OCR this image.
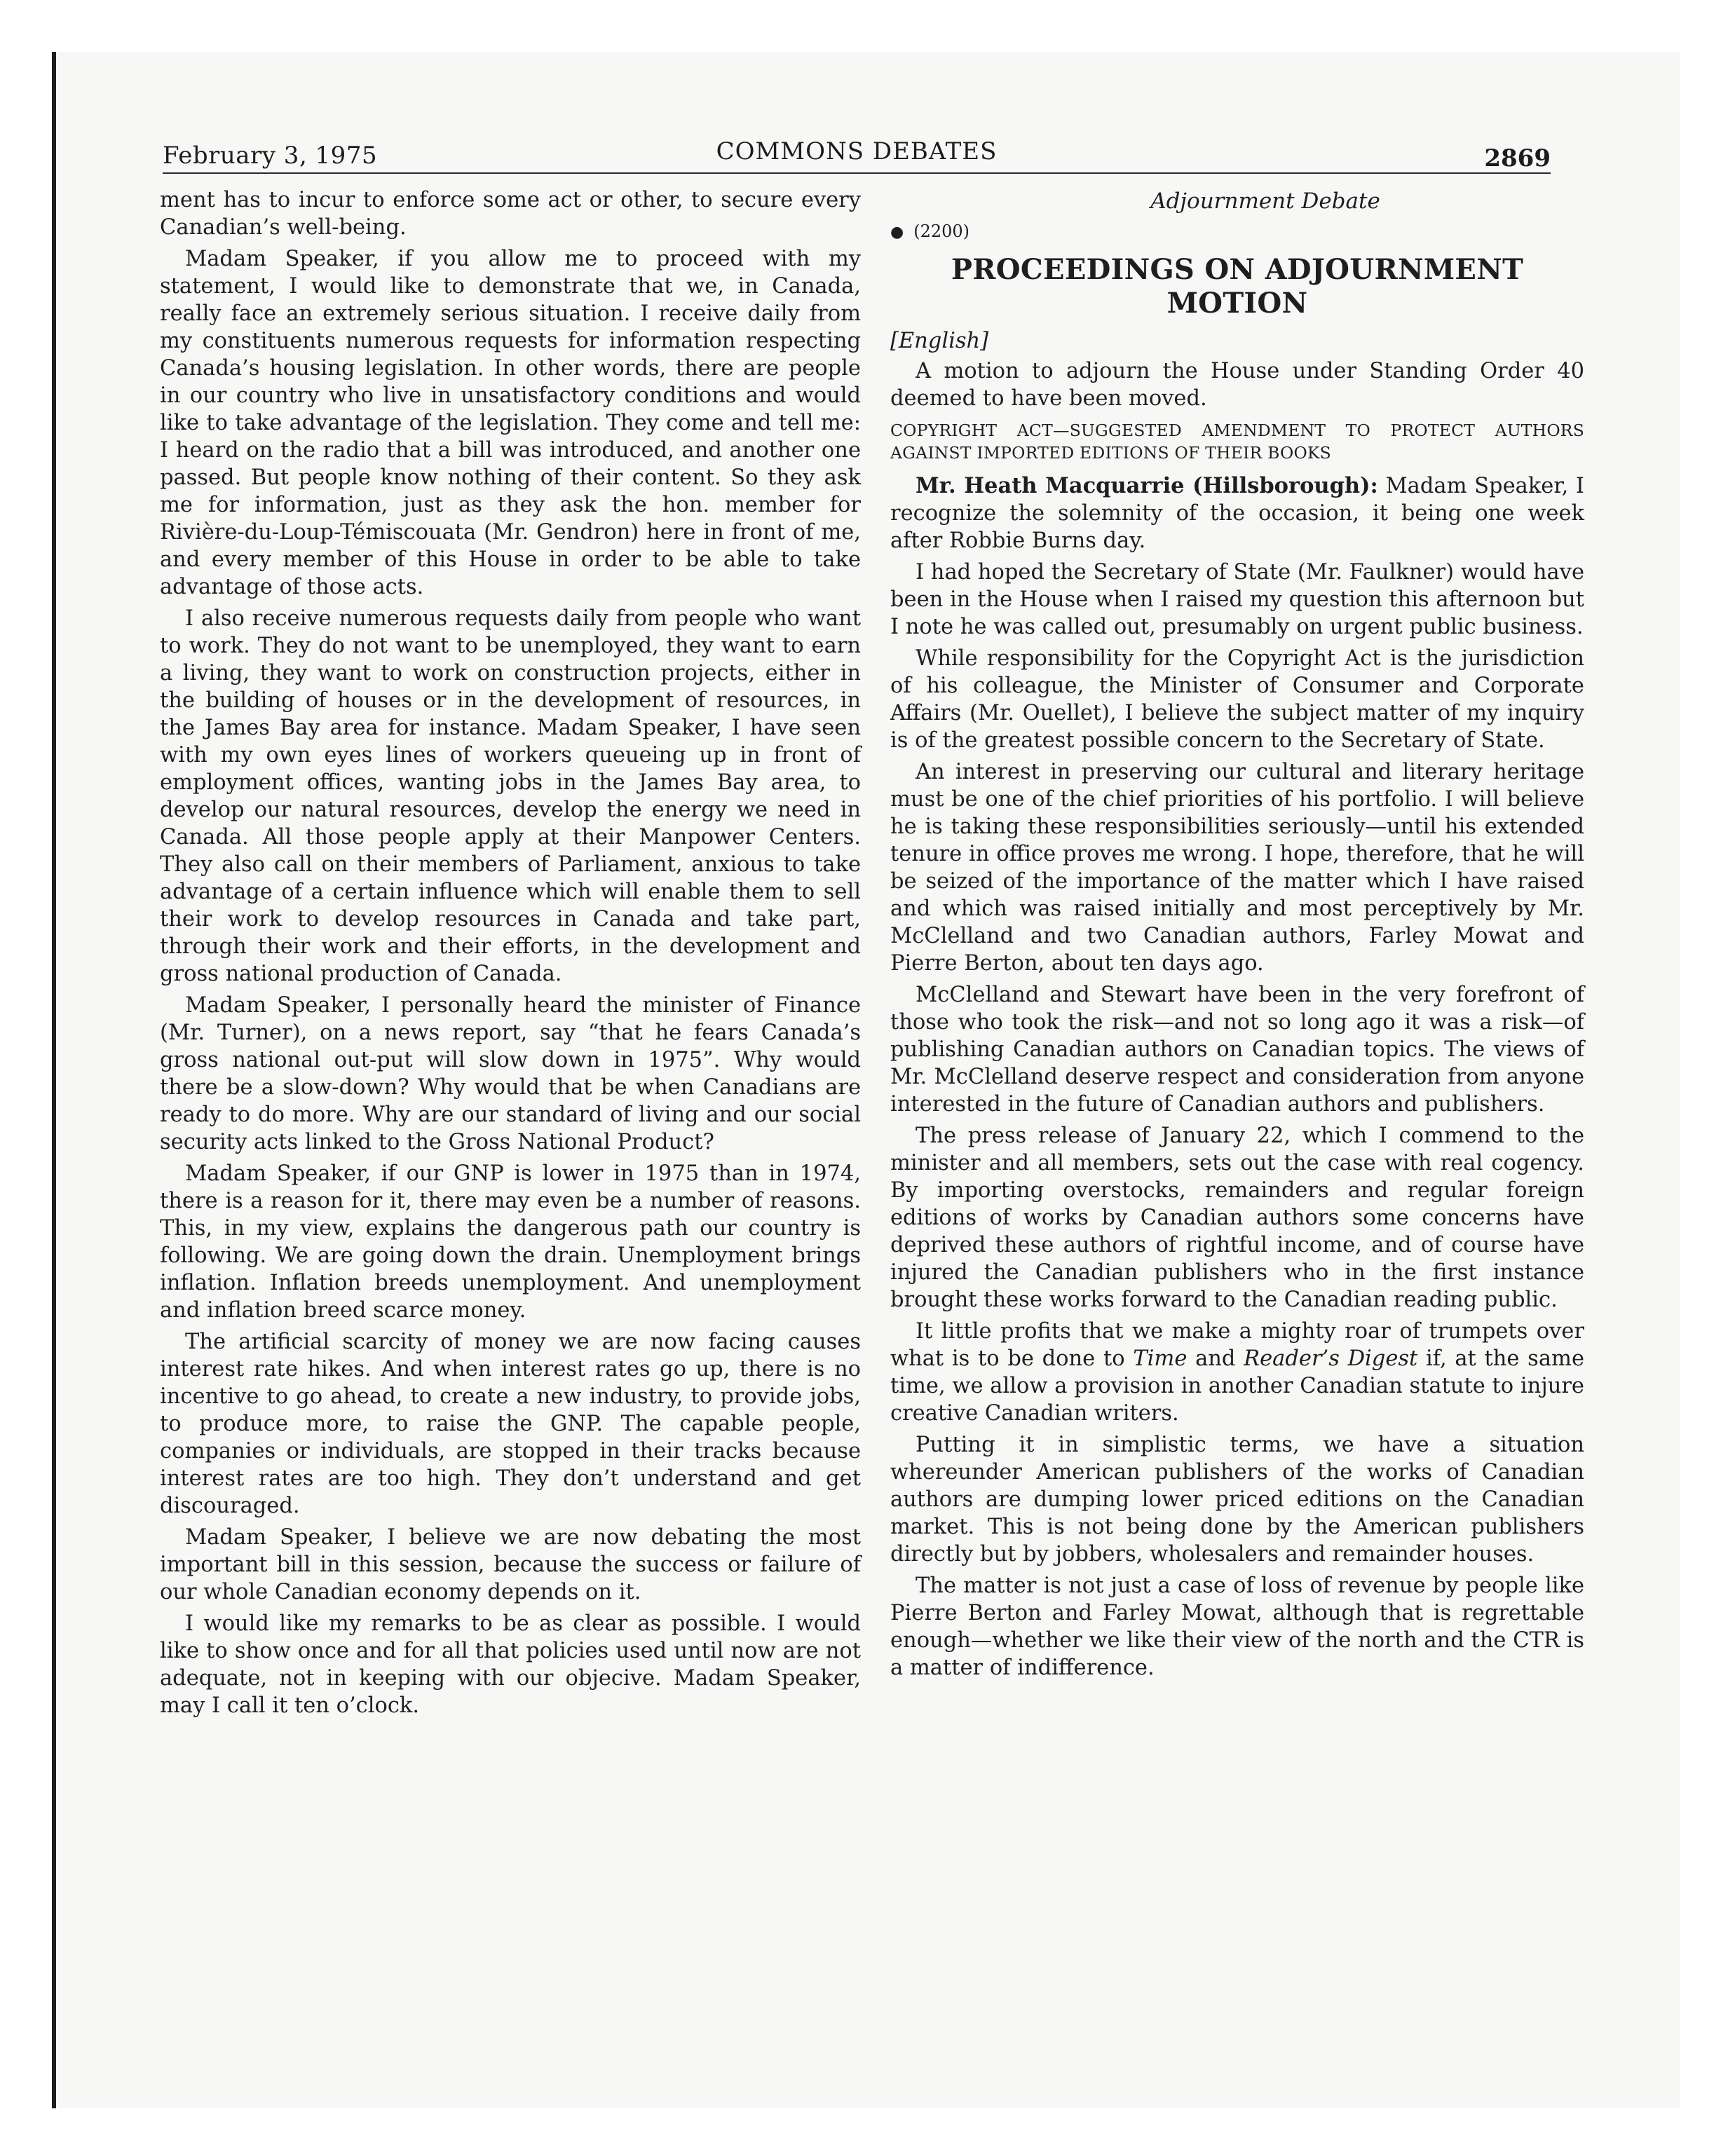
February 3, 1975	COMMONS DEBATES	2869

ment has to incur to enforce some act or other, to secure every Canadian’s well-being.

Madam Speaker, if you allow me to proceed with my statement, I would like to demonstrate that we, in Canada, really face an extremely serious situation. I receive daily from my constituents numerous requests for information respecting Canada’s housing legislation. In other words, there are people in our country who live in unsatisfactory conditions and would like to take advantage of the legislation. They come and tell me: I heard on the radio that a bill was introduced, and another one passed. But people know nothing of their content. So they ask me for information, just as they ask the hon. member for Rivière-du-Loup-Témiscouata (Mr. Gendron) here in front of me, and every member of this House in order to be able to take advantage of those acts.

I also receive numerous requests daily from people who want to work. They do not want to be unemployed, they want to earn a living, they want to work on construction projects, either in the building of houses or in the development of resources, in the James Bay area for instance. Madam Speaker, I have seen with my own eyes lines of workers queueing up in front of employment offices, wanting jobs in the James Bay area, to develop our natural resources, develop the energy we need in Canada. All those people apply at their Manpower Centers. They also call on their members of Parliament, anxious to take advantage of a certain influence which will enable them to sell their work to develop resources in Canada and take part, through their work and their efforts, in the development and gross national production of Canada.

Madam Speaker, I personally heard the minister of Finance (Mr. Turner), on a news report, say “that he fears Canada’s gross national out-put will slow down in 1975”. Why would there be a slow-down? Why would that be when Canadians are ready to do more. Why are our standard of living and our social security acts linked to the Gross National Product?

Madam Speaker, if our GNP is lower in 1975 than in 1974, there is a reason for it, there may even be a number of reasons. This, in my view, explains the dangerous path our country is following. We are going down the drain. Unemployment brings inflation. Inflation breeds unemployment. And unemployment and inflation breed scarce money.

The artificial scarcity of money we are now facing causes interest rate hikes. And when interest rates go up, there is no incentive to go ahead, to create a new industry, to provide jobs, to produce more, to raise the GNP. The capable people, companies or individuals, are stopped in their tracks because interest rates are too high. They don’t understand and get discouraged.

Madam Speaker, I believe we are now debating the most important bill in this session, because the success or failure of our whole Canadian economy depends on it.

I would like my remarks to be as clear as possible. I would like to show once and for all that policies used until now are not adequate, not in keeping with our objecive. Madam Speaker, may I call it ten o’clock.

Adjournment Debate
● (2200)
PROCEEDINGS ON ADJOURNMENT MOTION
[English]

A motion to adjourn the House under Standing Order 40 deemed to have been moved.

COPYRIGHT ACT—SUGGESTED AMENDMENT TO PROTECT AUTHORS AGAINST IMPORTED EDITIONS OF THEIR BOOKS

Mr. Heath Macquarrie (Hillsborough): Madam Speaker, I recognize the solemnity of the occasion, it being one week after Robbie Burns day.

I had hoped the Secretary of State (Mr. Faulkner) would have been in the House when I raised my question this afternoon but I note he was called out, presumably on urgent public business.

While responsibility for the Copyright Act is the jurisdiction of his colleague, the Minister of Consumer and Corporate Affairs (Mr. Ouellet), I believe the subject matter of my inquiry is of the greatest possible concern to the Secretary of State.

An interest in preserving our cultural and literary heritage must be one of the chief priorities of his portfolio. I will believe he is taking these responsibilities seriously—until his extended tenure in office proves me wrong. I hope, therefore, that he will be seized of the importance of the matter which I have raised and which was raised initially and most perceptively by Mr. McClelland and two Canadian authors, Farley Mowat and Pierre Berton, about ten days ago.

McClelland and Stewart have been in the very forefront of those who took the risk—and not so long ago it was a risk—of publishing Canadian authors on Canadian topics. The views of Mr. McClelland deserve respect and consideration from anyone interested in the future of Canadian authors and publishers.

The press release of January 22, which I commend to the minister and all members, sets out the case with real cogency. By importing overstocks, remainders and regular foreign editions of works by Canadian authors some concerns have deprived these authors of rightful income, and of course have injured the Canadian publishers who in the first instance brought these works forward to the Canadian reading public.

It little profits that we make a mighty roar of trumpets over what is to be done to Time and Reader’s Digest if, at the same time, we allow a provision in another Canadian statute to injure creative Canadian writers.

Putting it in simplistic terms, we have a situation whereunder American publishers of the works of Canadian authors are dumping lower priced editions on the Canadian market. This is not being done by the American publishers directly but by jobbers, wholesalers and remainder houses.

The matter is not just a case of loss of revenue by people like Pierre Berton and Farley Mowat, although that is regrettable enough—whether we like their view of the north and the CTR is a matter of indifference.
